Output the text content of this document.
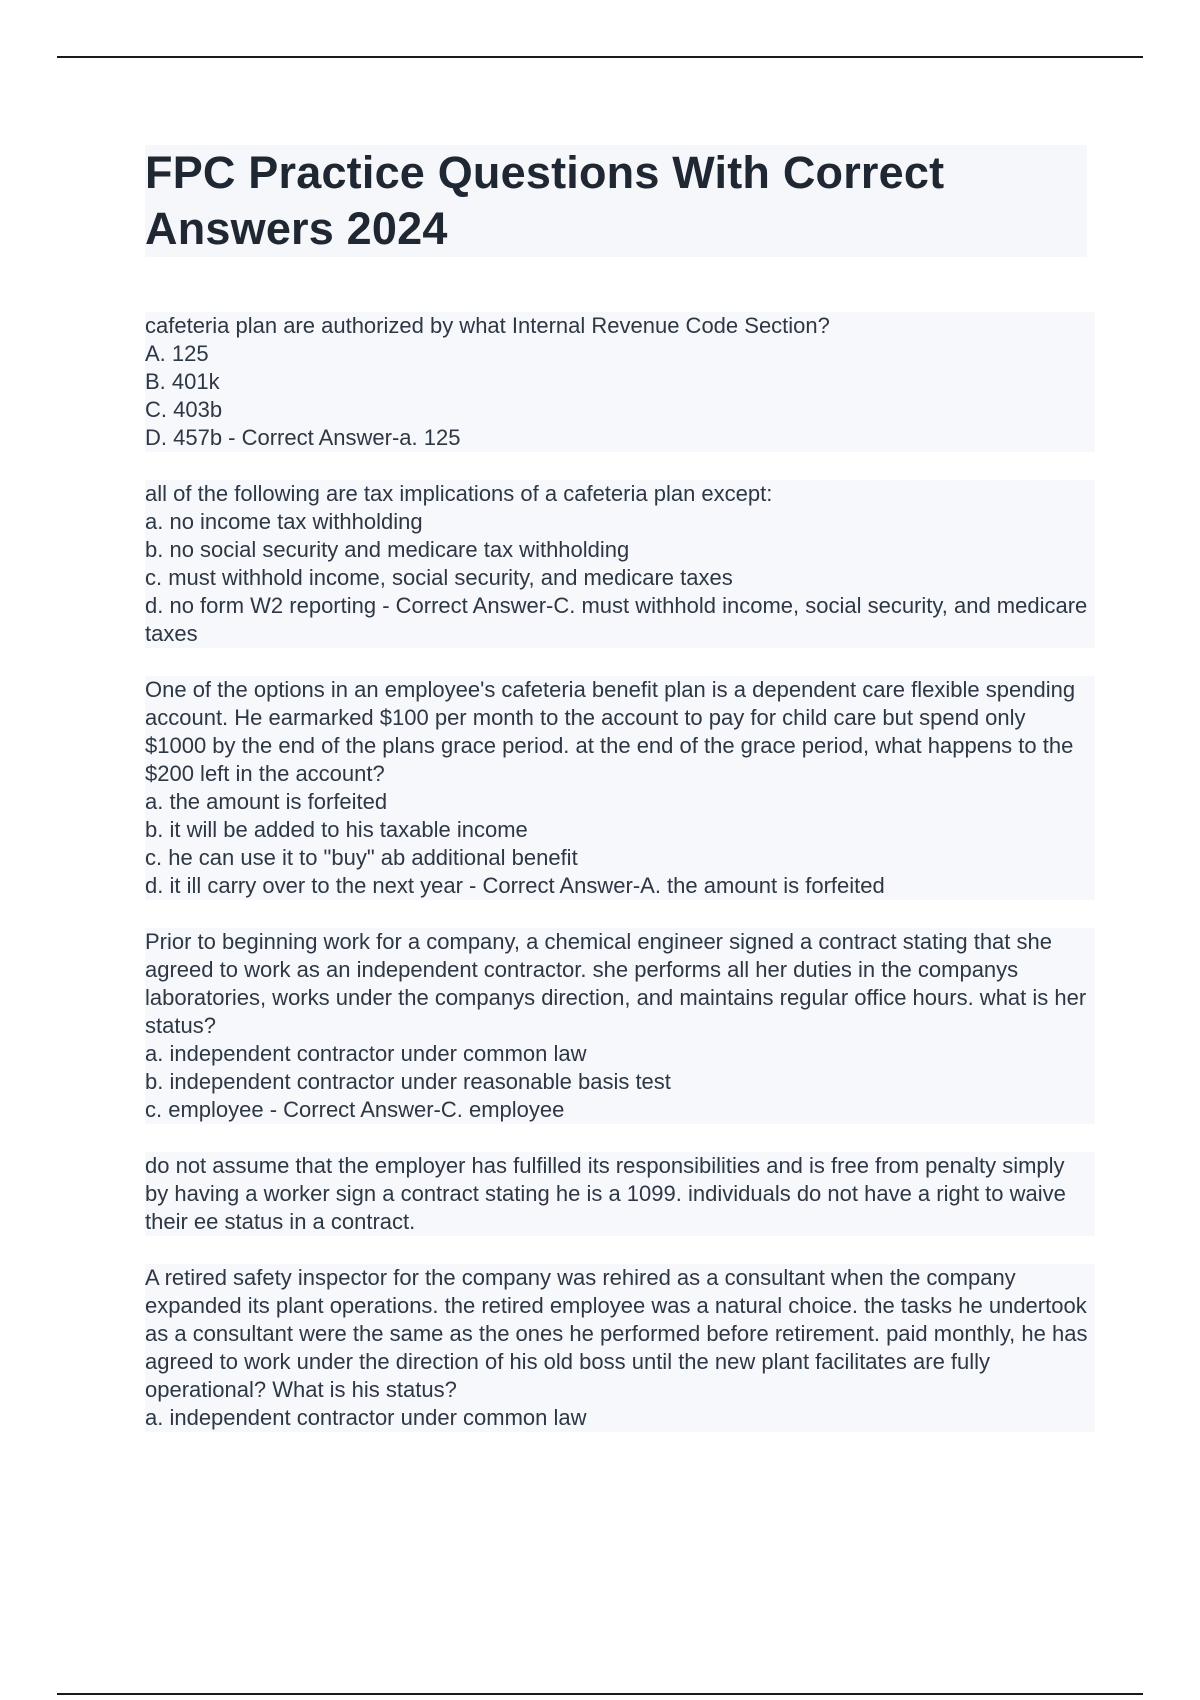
FPC Practice Questions With Correct Answers 2024

cafeteria plan are authorized by what Internal Revenue Code Section?

A. 125

B. 401k

C. 403b

D. 457b - Correct Answer-a. 125

all of the following are tax implications of a cafeteria plan except:

a. no income tax withholding

b. no social security and medicare tax withholding

c. must withhold income, social security, and medicare taxes

d. no form W2 reporting - Correct Answer-C. must withhold income, social security, and medicare taxes

One of the options in an employee's cafeteria benefit plan is a dependent care flexible spending account. He earmarked $100 per month to the account to pay for child care but spend only $1000 by the end of the plans grace period. at the end of the grace period, what happens to the $200 left in the account?

a. the amount is forfeited

b. it will be added to his taxable income

c. he can use it to "buy" ab additional benefit

d. it ill carry over to the next year - Correct Answer-A. the amount is forfeited

Prior to beginning work for a company, a chemical engineer signed a contract stating that she agreed to work as an independent contractor. she performs all her duties in the companys laboratories, works under the companys direction, and maintains regular office hours. what is her status?

a. independent contractor under common law

b. independent contractor under reasonable basis test

c. employee - Correct Answer-C. employee

do not assume that the employer has fulfilled its responsibilities and is free from penalty simply by having a worker sign a contract stating he is a 1099. individuals do not have a right to waive their ee status in a contract.

A retired safety inspector for the company was rehired as a consultant when the company expanded its plant operations. the retired employee was a natural choice. the tasks he undertook as a consultant were the same as the ones he performed before retirement. paid monthly, he has agreed to work under the direction of his old boss until the new plant facilitates are fully operational? What is his status?

a. independent contractor under common law
